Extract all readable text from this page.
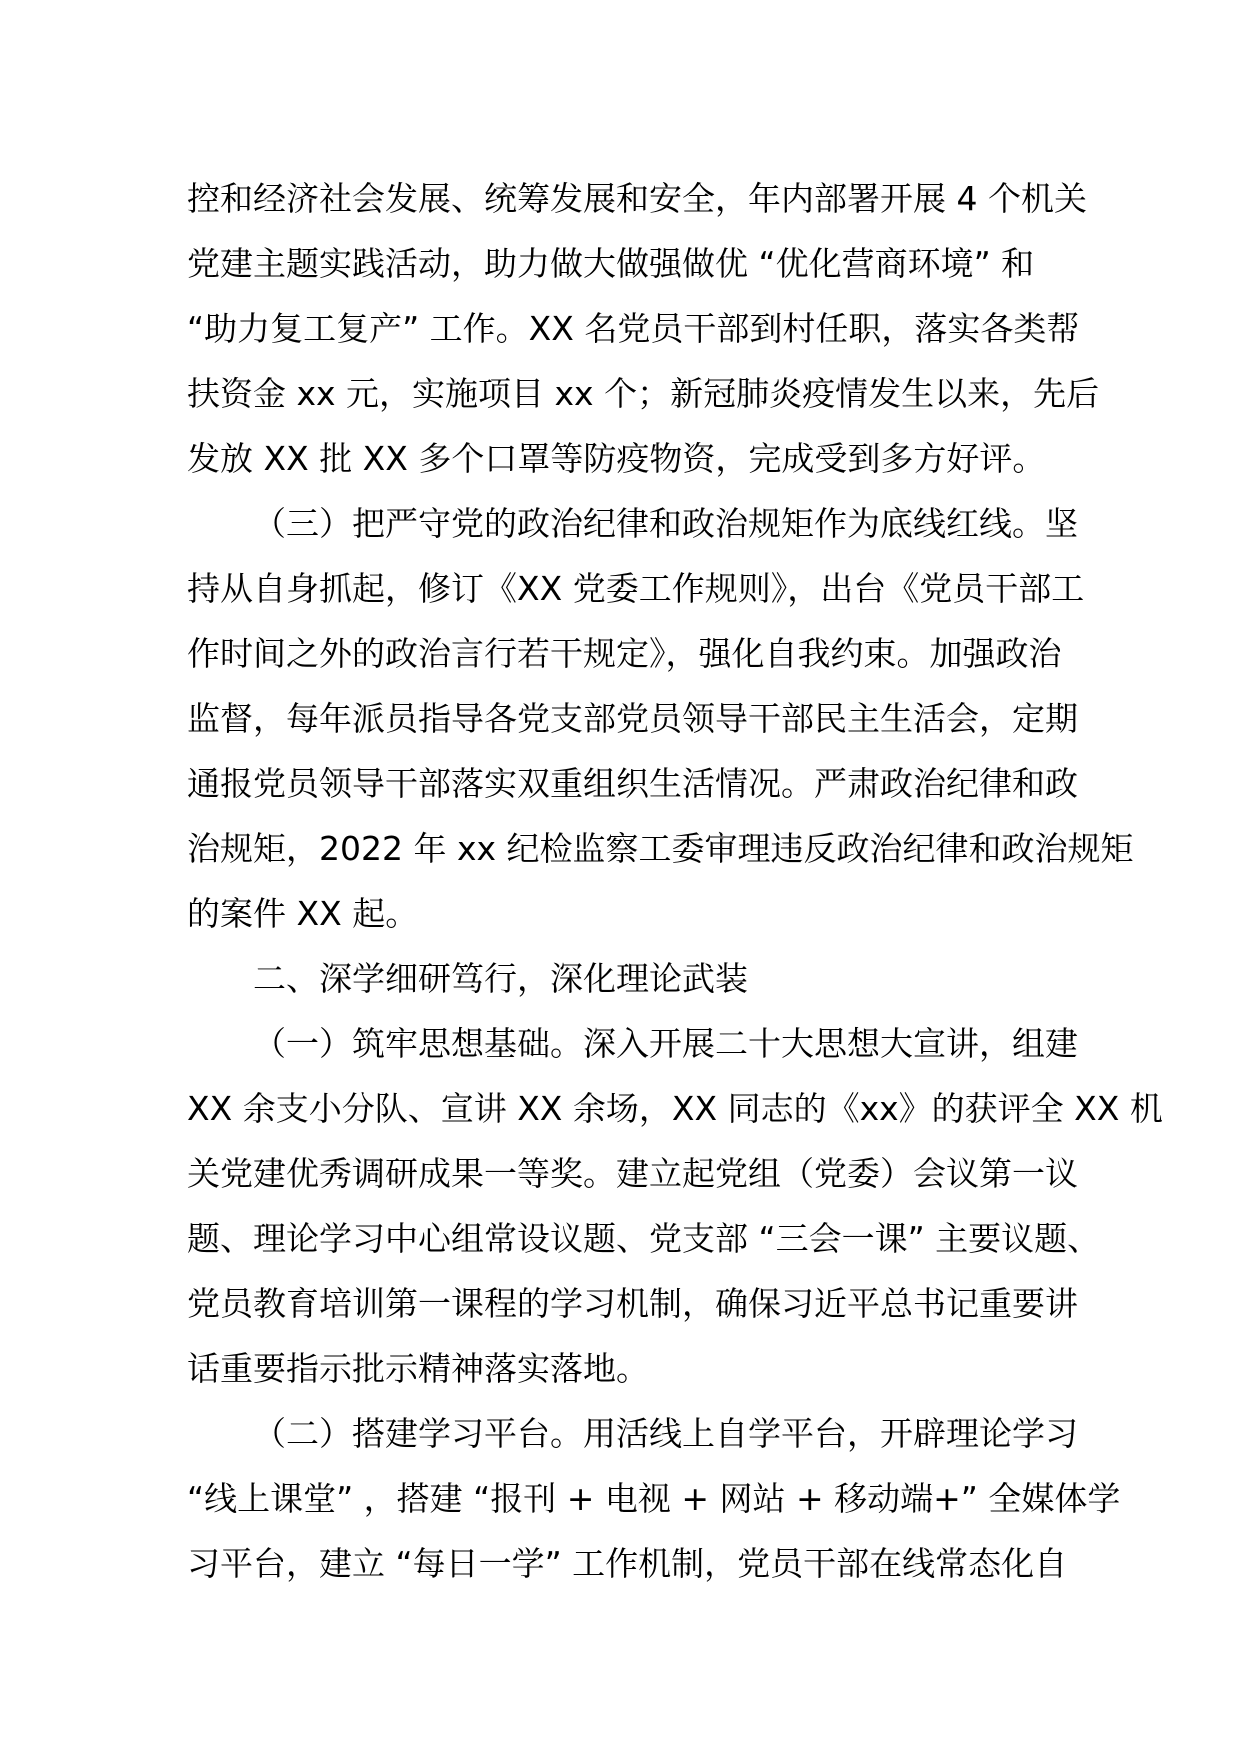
控和经济社会发展、统筹发展和安全，年内部署开展 4 个机关
党建主题实践活动，助力做大做强做优 “优化营商环境” 和
“助力复工复产” 工作。XX 名党员干部到村任职，落实各类帮
扶资金 xx 元，实施项目 xx 个；新冠肺炎疫情发生以来，先后
发放 XX 批 XX 多个口罩等防疫物资，完成受到多方好评。
（三）把严守党的政治纪律和政治规矩作为底线红线。坚
持从自身抓起，修订《XX 党委工作规则》，出台《党员干部工
作时间之外的政治言行若干规定》，强化自我约束。加强政治
监督，每年派员指导各党支部党员领导干部民主生活会，定期
通报党员领导干部落实双重组织生活情况。严肃政治纪律和政
治规矩，2022 年 xx 纪检监察工委审理违反政治纪律和政治规矩
的案件 XX 起。
二、深学细研笃行，深化理论武装
（一）筑牢思想基础。深入开展二十大思想大宣讲，组建
XX 余支小分队、宣讲 XX 余场，XX 同志的《xx》的获评全 XX 机
关党建优秀调研成果一等奖。建立起党组（党委）会议第一议
题、理论学习中心组常设议题、党支部 “三会一课” 主要议题、
党员教育培训第一课程的学习机制，确保习近平总书记重要讲
话重要指示批示精神落实落地。
（二）搭建学习平台。用活线上自学平台，开辟理论学习
“线上课堂” ，搭建 “报刊 + 电视 + 网站 + 移动端+” 全媒体学
习平台，建立 “每日一学” 工作机制，党员干部在线常态化自
